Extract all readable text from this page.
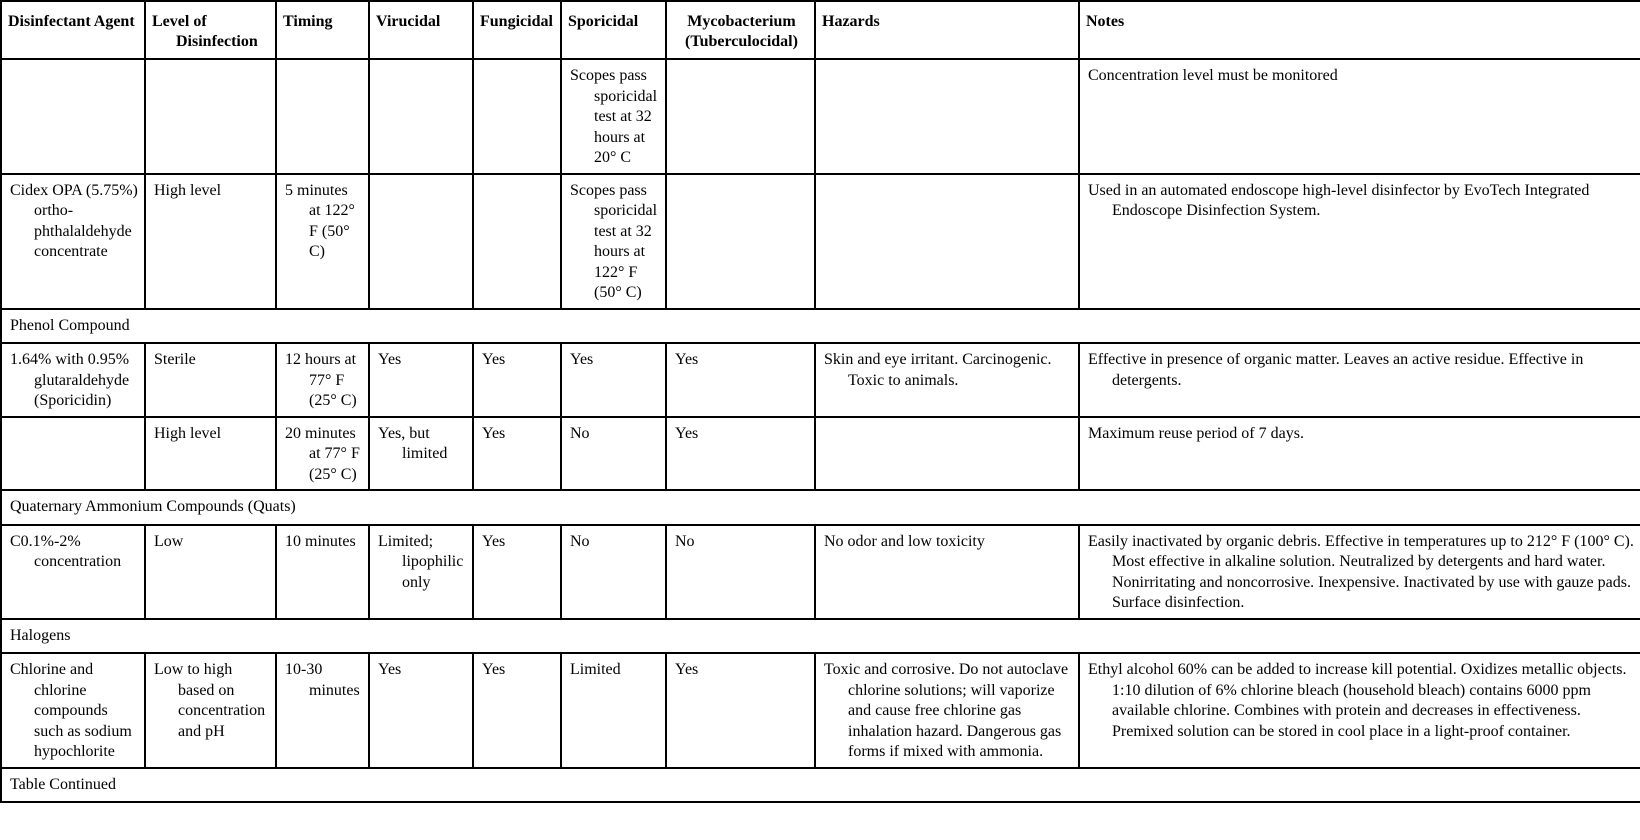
Disinfectant Agent	Level of Disinfection	Timing	Virucidal	Fungicidal	Sporicidal	Mycobacterium (Tuberculocidal)	Hazards	Notes

					Scopes pass sporicidal test at 32 hours at 20° C			Concentration level must be monitored

Cidex OPA (5.75%) ortho-phthalaldehyde concentrate	High level	5 minutes at 122° F (50° C)			Scopes pass sporicidal test at 32 hours at 122° F (50° C)			Used in an automated endoscope high-level disinfector by EvoTech Integrated Endoscope Disinfection System.

Phenol Compound								

1.64% with 0.95% glutaraldehyde (Sporicidin)	Sterile	12 hours at 77° F (25° C)	Yes	Yes	Yes	Yes	Skin and eye irritant. Carcinogenic. Toxic to animals.	Effective in presence of organic matter. Leaves an active residue. Effective in detergents.

	High level	20 minutes at 77° F (25° C)	Yes, but limited	Yes	No	Yes		Maximum reuse period of 7 days.

Quaternary Ammonium Compounds (Quats)								

C0.1%-2% concentration	Low	10 minutes	Limited; lipophilic only	Yes	No	No	No odor and low toxicity	Easily inactivated by organic debris. Effective in temperatures up to 212° F (100° C). Most effective in alkaline solution. Neutralized by detergents and hard water. Nonirritating and noncorrosive. Inexpensive. Inactivated by use with gauze pads. Surface disinfection.

Halogens								

Chlorine and chlorine compounds such as sodium hypochlorite	Low to high based on concentration and pH	10-30 minutes	Yes	Yes	Limited	Yes	Toxic and corrosive. Do not autoclave chlorine solutions; will vaporize and cause free chlorine gas inhalation hazard. Dangerous gas forms if mixed with ammonia.	Ethyl alcohol 60% can be added to increase kill potential. Oxidizes metallic objects. 1:10 dilution of 6% chlorine bleach (household bleach) contains 6000 ppm available chlorine. Combines with protein and decreases in effectiveness. Premixed solution can be stored in cool place in a light-proof container.

Table Continued								
